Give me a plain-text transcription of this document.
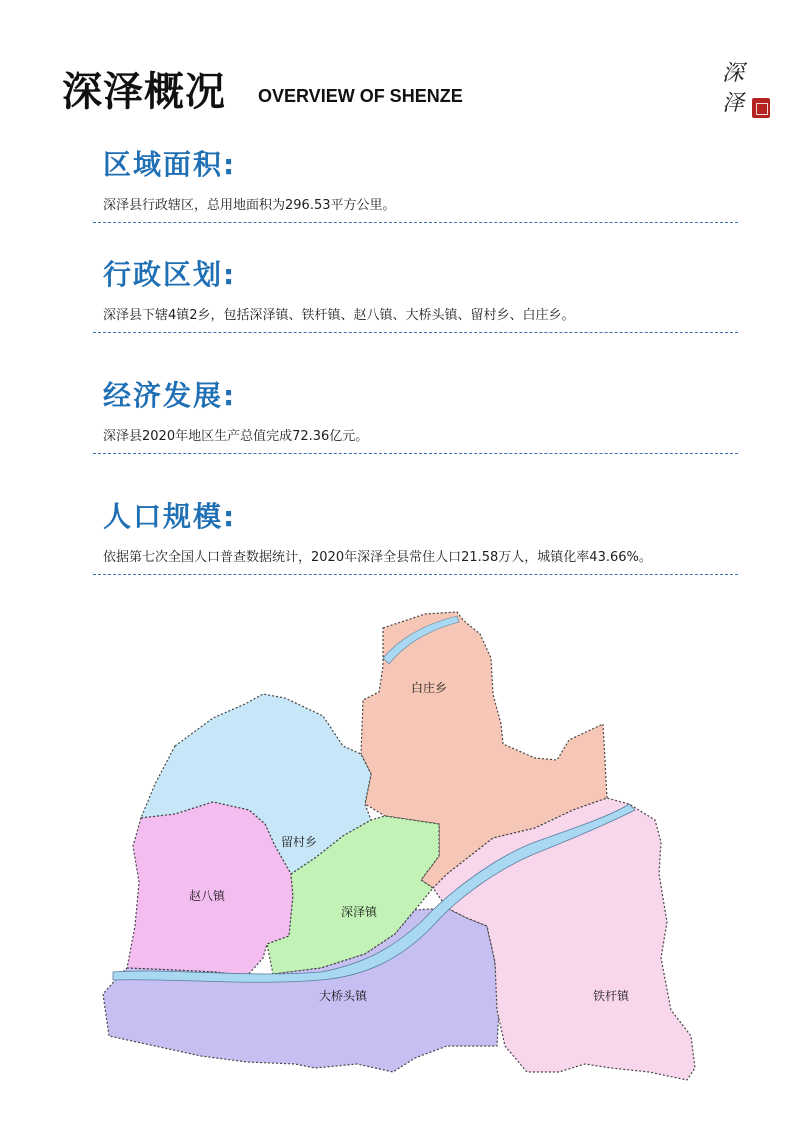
深泽概况 OVERVIEW OF SHENZE
深
泽
区域面积:

深泽县行政辖区，总用地面积为296.53平方公里。

行政区划:

深泽县下辖4镇2乡，包括深泽镇、铁杆镇、赵八镇、大桥头镇、留村乡、白庄乡。

经济发展:

深泽县2020年地区生产总值完成72.36亿元。

人口规模:

依据第七次全国人口普查数据统计，2020年深泽全县常住人口21.58万人，城镇化率43.66%。

白庄乡
留村乡
赵八镇
深泽镇
大桥头镇	铁杆镇
